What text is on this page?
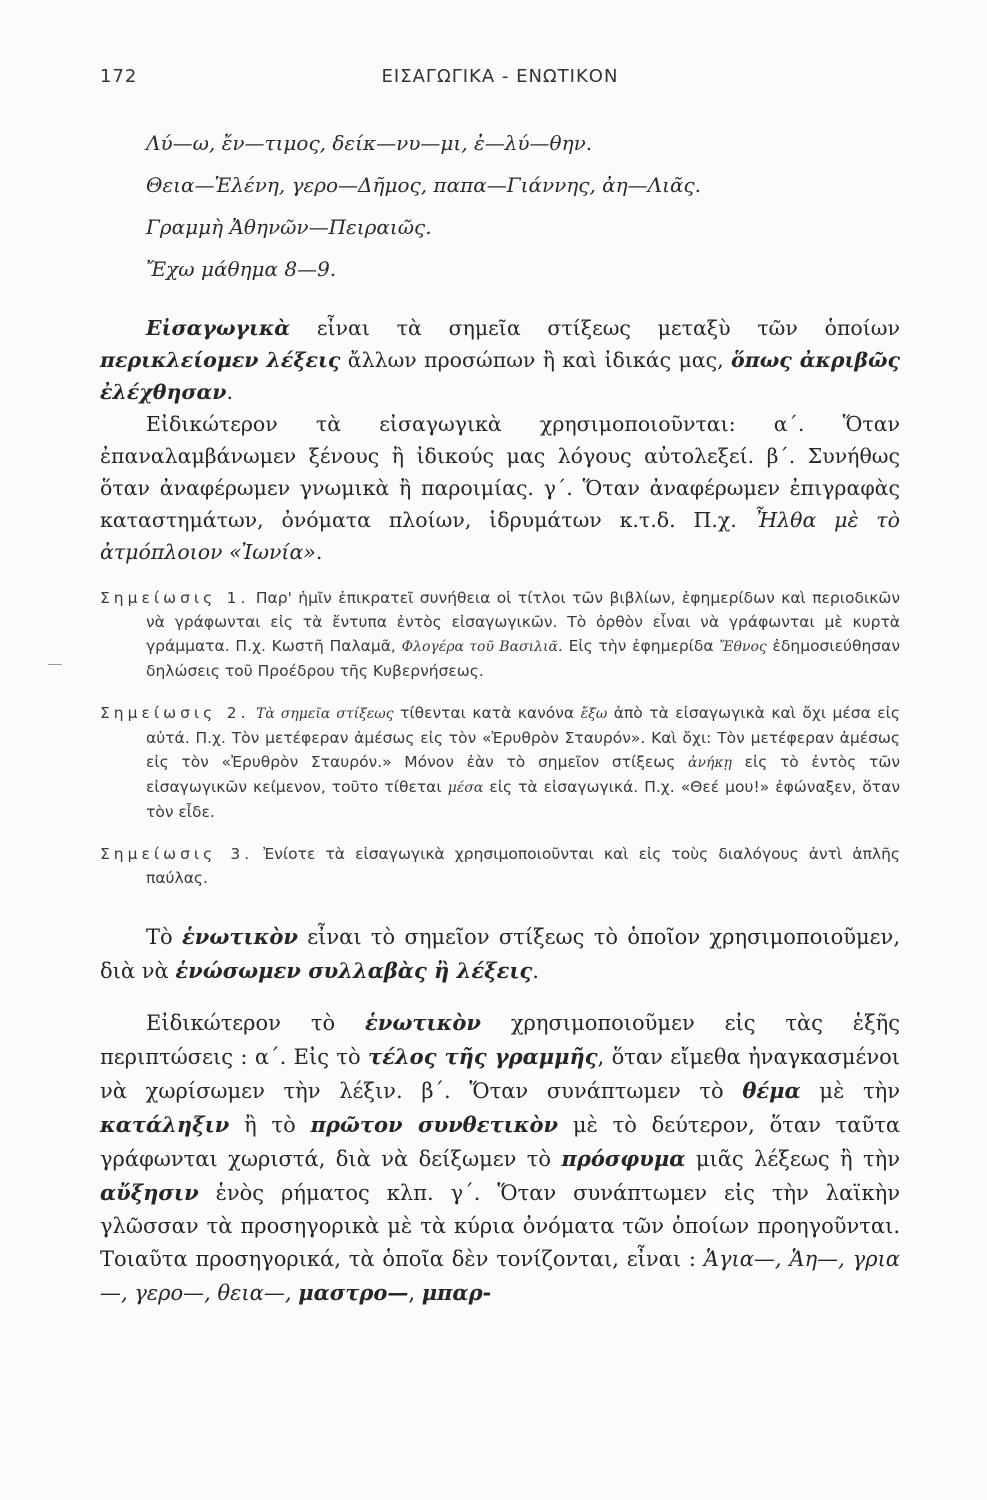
172	ΕΙΣΑΓΩΓΙΚΑ - ΕΝΩΤΙΚΟΝ
Λύ—ω, ἔν—τιμος, δείκ—νυ—μι, ἐ—λύ—θην.
Θεια—Ἑλένη, γερο—Δῆμος, παπα—Γιάννης, ἀη—Λιᾶς.
Γραμμὴ Ἀθηνῶν—Πειραιῶς.
Ἔχω μάθημα 8—9.

Εἰσαγωγικὰ εἶναι τὰ σημεῖα στίξεως μεταξὺ τῶν ὁποίων περικλείομεν λέξεις ἄλλων προσώπων ἢ καὶ ἰδικάς μας, ὅπως ἀκριβῶς ἐλέχθησαν.

Εἰδικώτερον τὰ εἰσαγωγικὰ χρησιμοποιοῦνται: α΄. Ὅταν ἐπαναλαμβάνωμεν ξένους ἢ ἰδικούς μας λόγους αὐτολεξεί. β΄. Συνήθως ὅταν ἀναφέρωμεν γνωμικὰ ἢ παροιμίας. γ΄. Ὅταν ἀναφέρωμεν ἐπιγραφὰς καταστημάτων, ὀνόματα πλοίων, ἱδρυμάτων κ.τ.δ. Π.χ. Ἦλθα μὲ τὸ ἀτμόπλοιον «Ἰωνία».

Σημείωσις 1. Παρ' ἡμῖν ἐπικρατεῖ συνήθεια οἱ τίτλοι τῶν βιβλίων, ἐφημερίδων καὶ περιοδικῶν νὰ γράφωνται εἰς τὰ ἔντυπα ἐντὸς εἰσαγωγικῶν. Τὸ ὀρθὸν εἶναι νὰ γράφωνται μὲ κυρτὰ γράμματα. Π.χ. Κωστῆ Παλαμᾶ, Φλογέρα τοῦ Βασιλιᾶ. Εἰς τὴν ἐφημερίδα Ἔθνος ἐδημοσιεύθησαν δηλώσεις τοῦ Προέδρου τῆς Κυβερνήσεως.
Σημείωσις 2. Τὰ σημεῖα στίξεως τίθενται κατὰ κανόνα ἔξω ἀπὸ τὰ εἰσαγωγικὰ καὶ ὄχι μέσα εἰς αὐτά. Π.χ. Τὸν μετέφεραν ἀμέσως εἰς τὸν «Ἐρυθρὸν Σταυρόν». Καὶ ὄχι: Τὸν μετέφεραν ἀμέσως εἰς τὸν «Ἐρυθρὸν Σταυρόν.» Μόνον ἐὰν τὸ σημεῖον στίξεως ἀνήκῃ εἰς τὸ ἐντὸς τῶν εἰσαγωγικῶν κείμενον, τοῦτο τίθεται μέσα εἰς τὰ εἰσαγωγικά. Π.χ. «Θεέ μου!» ἐφώναξεν, ὅταν τὸν εἶδε.
Σημείωσις 3. Ἐνίοτε τὰ εἰσαγωγικὰ χρησιμοποιοῦνται καὶ εἰς τοὺς διαλόγους ἀντὶ ἁπλῆς παύλας.

Τὸ ἑνωτικὸν εἶναι τὸ σημεῖον στίξεως τὸ ὁποῖον χρησιμοποιοῦμεν, διὰ νὰ ἑνώσωμεν συλλαβὰς ἢ λέξεις.

Εἰδικώτερον τὸ ἑνωτικὸν χρησιμοποιοῦμεν εἰς τὰς ἑξῆς περιπτώσεις : α΄. Εἰς τὸ τέλος τῆς γραμμῆς, ὅταν εἴμεθα ἠναγκασμένοι νὰ χωρίσωμεν τὴν λέξιν. β΄. Ὅταν συνάπτωμεν τὸ θέμα μὲ τὴν κατάληξιν ἢ τὸ πρῶτον συνθετικὸν μὲ τὸ δεύτερον, ὅταν ταῦτα γράφωνται χωριστά, διὰ νὰ δείξωμεν τὸ πρόσφυμα μιᾶς λέξεως ἢ τὴν αὔξησιν ἑνὸς ρήματος κλπ. γ΄. Ὅταν συνάπτωμεν εἰς τὴν λαϊκὴν γλῶσσαν τὰ προσηγορικὰ μὲ τὰ κύρια ὀνόματα τῶν ὁποίων προηγοῦνται. Τοιαῦτα προσηγορικά, τὰ ὁποῖα δὲν τονίζονται, εἶναι : Ἁγια—, Ἁη—, γρια—, γερο—, θεια—, μαστρο—, μπαρ-
